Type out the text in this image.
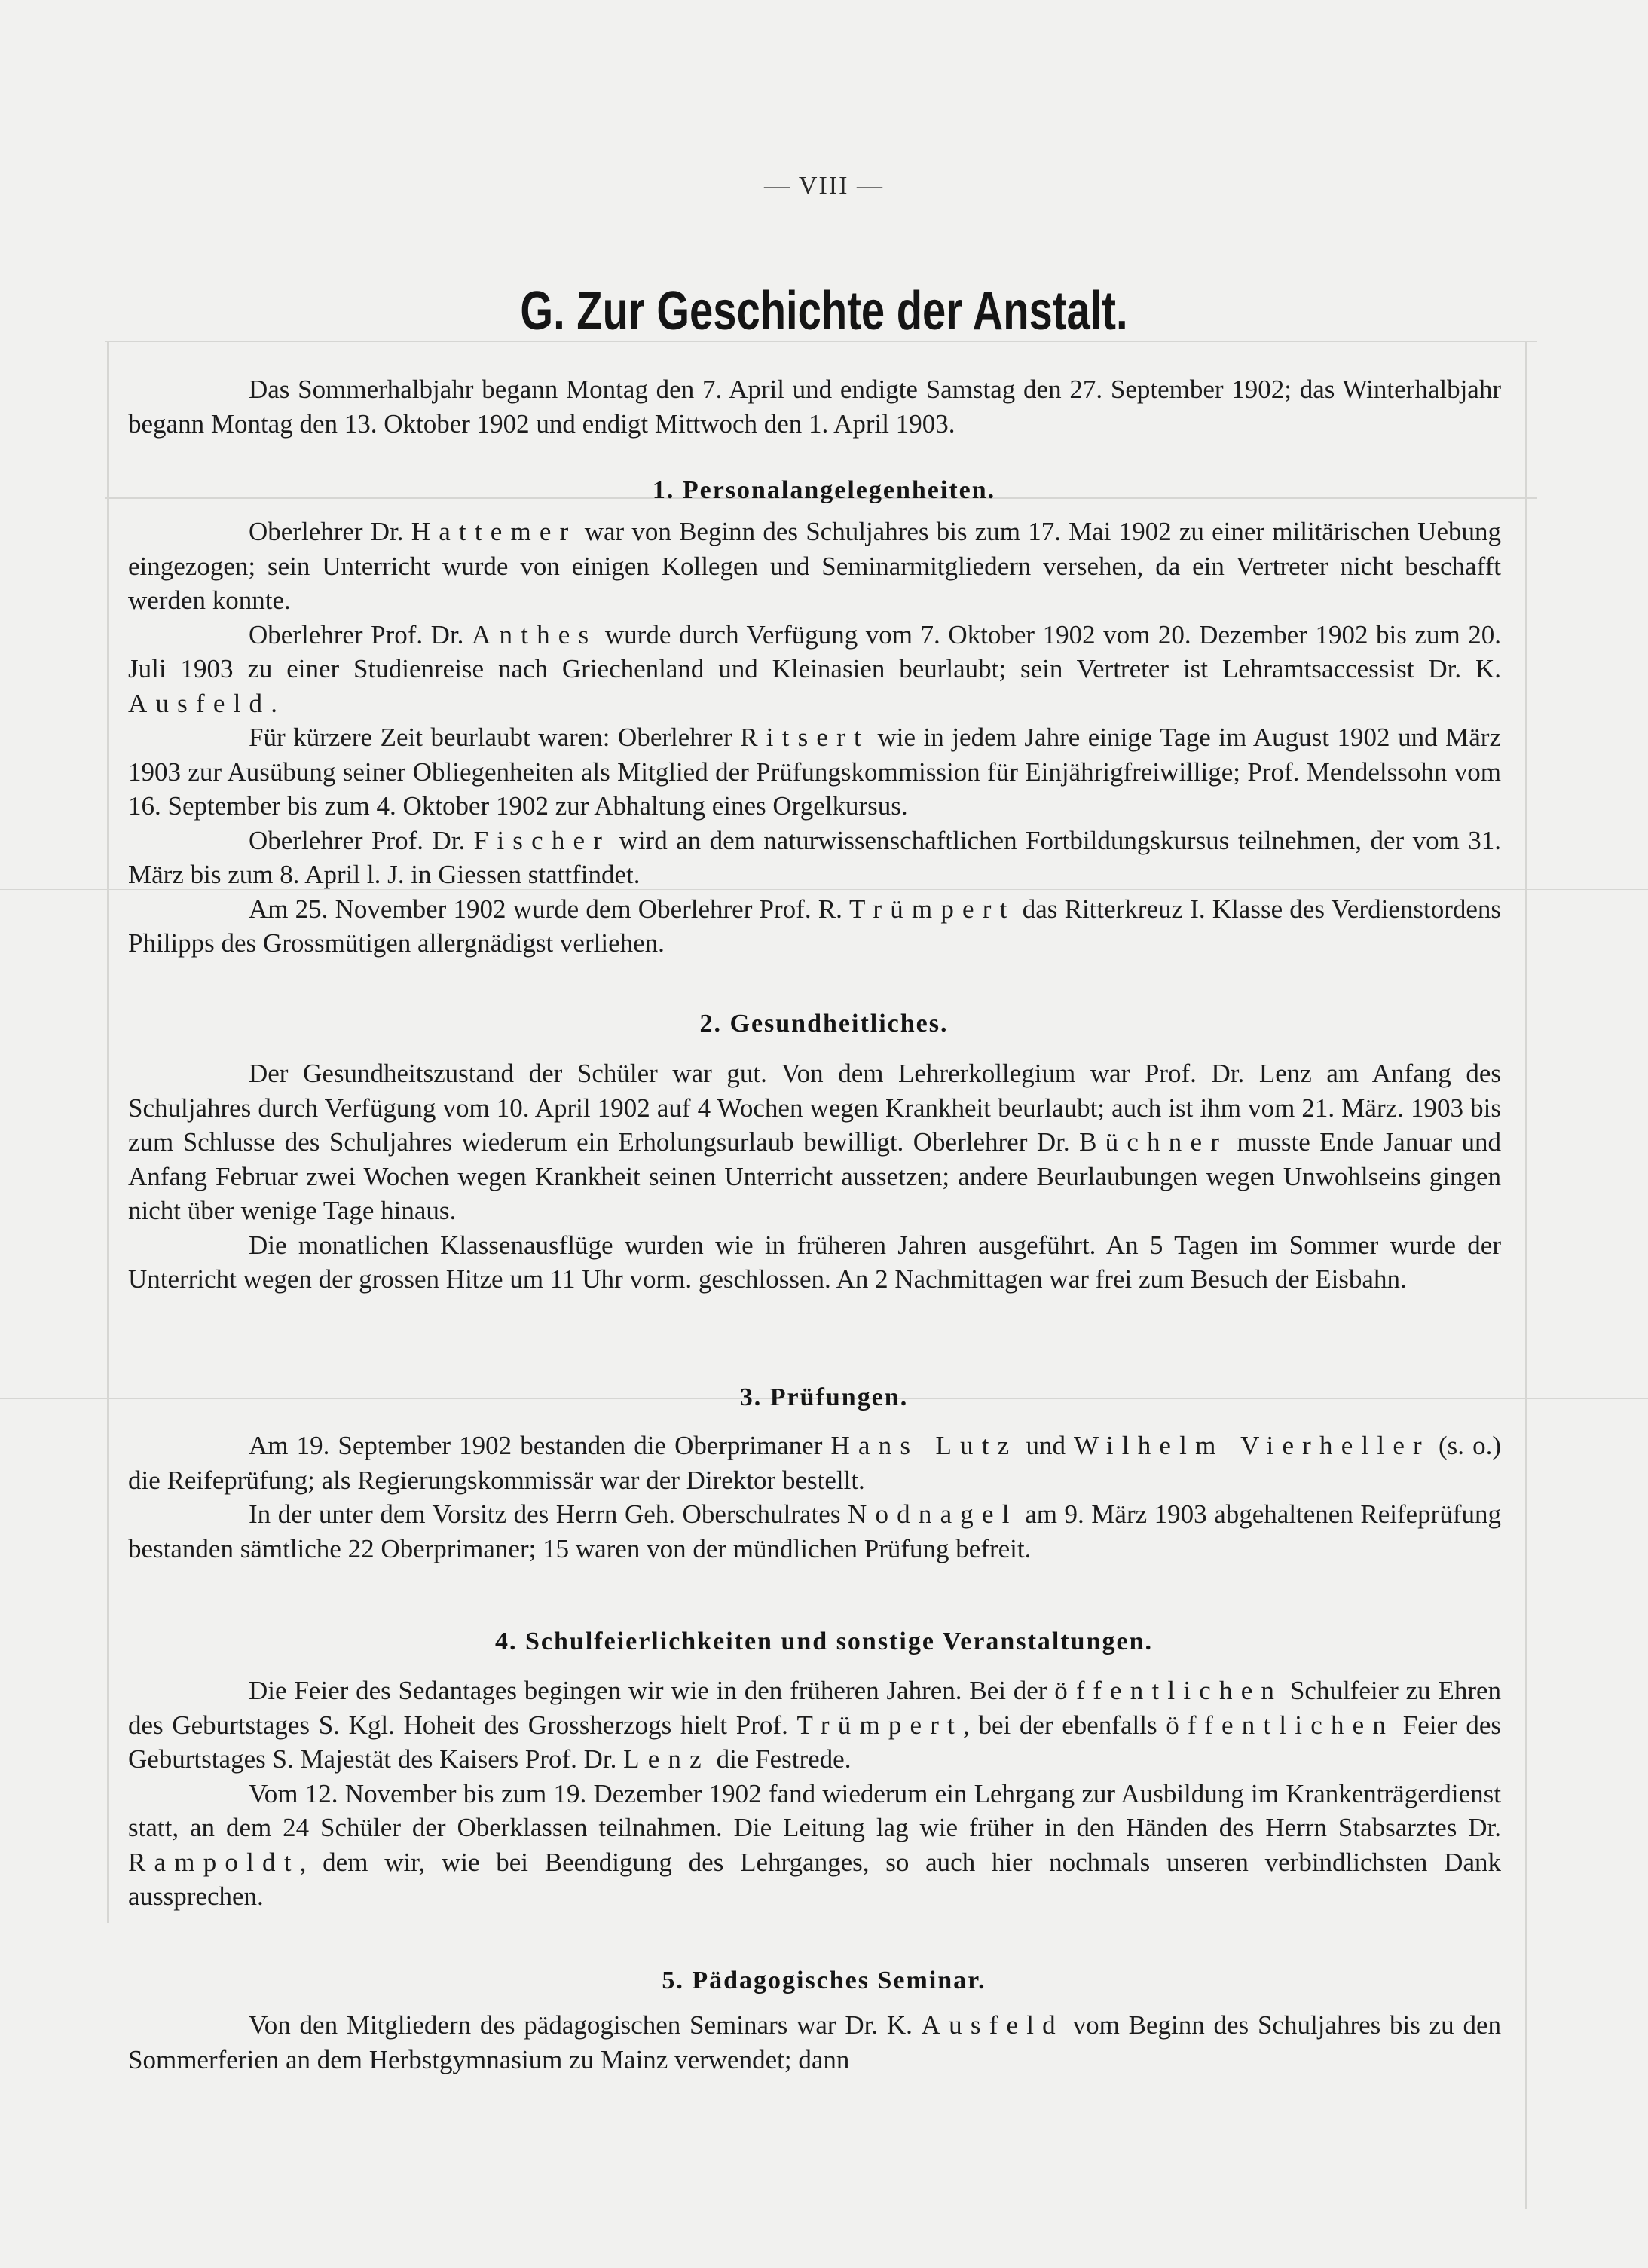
— VIII —
G. Zur Geschichte der Anstalt.

Das Sommerhalbjahr begann Montag den 7. April und endigte Samstag den 27. September 1902; das Winterhalbjahr begann Montag den 13. Oktober 1902 und endigt Mittwoch den 1. April 1903.

1. Personalangelegenheiten.

Oberlehrer Dr. Hattemer war von Beginn des Schuljahres bis zum 17. Mai 1902 zu einer militärischen Uebung eingezogen; sein Unterricht wurde von einigen Kollegen und Seminarmitgliedern versehen, da ein Vertreter nicht beschafft werden konnte.

Oberlehrer Prof. Dr. Anthes wurde durch Verfügung vom 7. Oktober 1902 vom 20. Dezember 1902 bis zum 20. Juli 1903 zu einer Studienreise nach Griechenland und Kleinasien beurlaubt; sein Vertreter ist Lehramtsaccessist Dr. K. Ausfeld.

Für kürzere Zeit beurlaubt waren: Oberlehrer Ritsert wie in jedem Jahre einige Tage im August 1902 und März 1903 zur Ausübung seiner Obliegenheiten als Mitglied der Prüfungskommission für Einjährigfreiwillige; Prof. Mendelssohn vom 16. September bis zum 4. Oktober 1902 zur Abhaltung eines Orgelkursus.

Oberlehrer Prof. Dr. Fischer wird an dem naturwissenschaftlichen Fortbildungskursus teilnehmen, der vom 31. März bis zum 8. April l. J. in Giessen stattfindet.

Am 25. November 1902 wurde dem Oberlehrer Prof. R. Trümpert das Ritterkreuz I. Klasse des Verdienstordens Philipps des Grossmütigen allergnädigst verliehen.

2. Gesundheitliches.

Der Gesundheitszustand der Schüler war gut. Von dem Lehrerkollegium war Prof. Dr. Lenz am Anfang des Schuljahres durch Verfügung vom 10. April 1902 auf 4 Wochen wegen Krankheit beurlaubt; auch ist ihm vom 21. März. 1903 bis zum Schlusse des Schuljahres wiederum ein Erholungsurlaub bewilligt. Oberlehrer Dr. Büchner musste Ende Januar und Anfang Februar zwei Wochen wegen Krankheit seinen Unterricht aussetzen; andere Beurlaubungen wegen Unwohlseins gingen nicht über wenige Tage hinaus.

Die monatlichen Klassenausflüge wurden wie in früheren Jahren ausgeführt. An 5 Tagen im Sommer wurde der Unterricht wegen der grossen Hitze um 11 Uhr vorm. geschlossen. An 2 Nachmittagen war frei zum Besuch der Eisbahn.

3. Prüfungen.

Am 19. September 1902 bestanden die Oberprimaner Hans Lutz und Wilhelm Vierheller (s. o.) die Reifeprüfung; als Regierungskommissär war der Direktor bestellt.

In der unter dem Vorsitz des Herrn Geh. Oberschulrates Nodnagel am 9. März 1903 abgehaltenen Reifeprüfung bestanden sämtliche 22 Oberprimaner; 15 waren von der mündlichen Prüfung befreit.

4. Schulfeierlichkeiten und sonstige Veranstaltungen.

Die Feier des Sedantages begingen wir wie in den früheren Jahren. Bei der öffentlichen Schulfeier zu Ehren des Geburtstages S. Kgl. Hoheit des Grossherzogs hielt Prof. Trümpert, bei der ebenfalls öffentlichen Feier des Geburtstages S. Majestät des Kaisers Prof. Dr. Lenz die Festrede.

Vom 12. November bis zum 19. Dezember 1902 fand wiederum ein Lehrgang zur Ausbildung im Krankenträgerdienst statt, an dem 24 Schüler der Oberklassen teilnahmen. Die Leitung lag wie früher in den Händen des Herrn Stabsarztes Dr. Rampoldt, dem wir, wie bei Beendigung des Lehrganges, so auch hier nochmals unseren verbindlichsten Dank aussprechen.

5. Pädagogisches Seminar.

Von den Mitgliedern des pädagogischen Seminars war Dr. K. Ausfeld vom Beginn des Schuljahres bis zu den Sommerferien an dem Herbstgymnasium zu Mainz verwendet; dann
